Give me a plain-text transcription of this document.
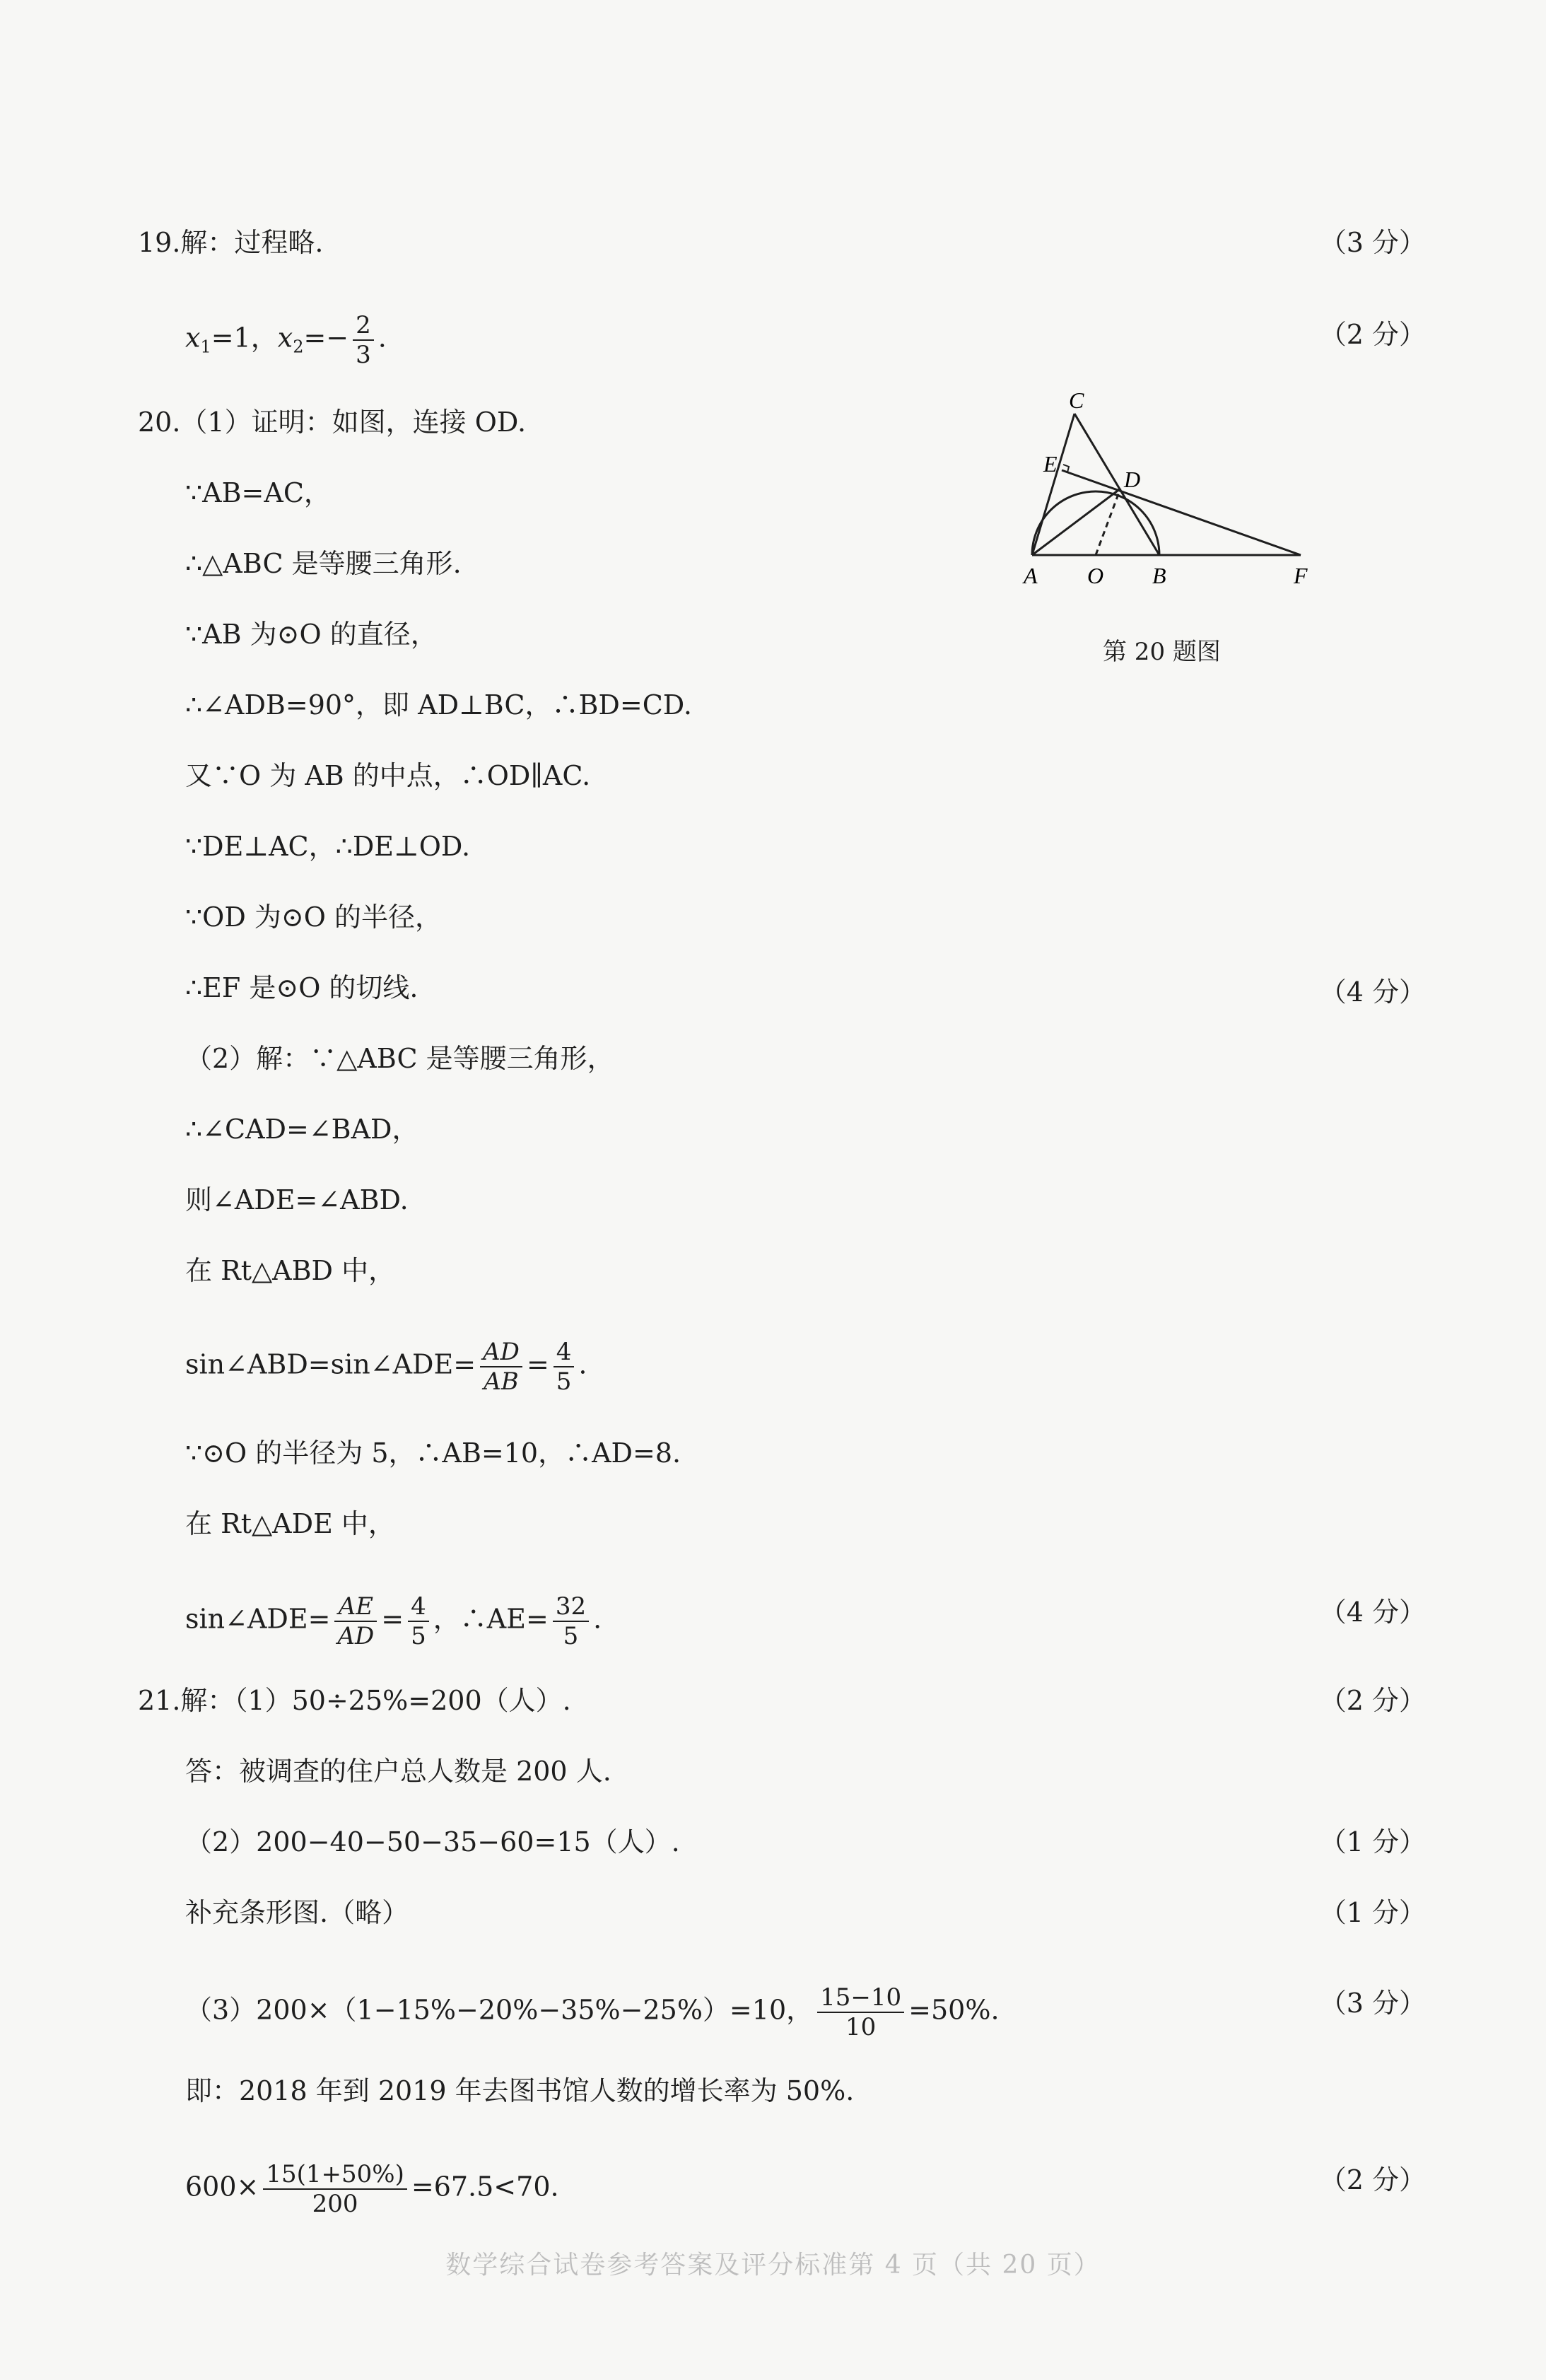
19.解：过程略.	（3 分）
$x_1=1$，$x_2=- \frac{2}{3}$ .	（2 分）
20.（1）证明：如图，连接 OD.
∵AB=AC，
∴△ABC 是等腰三角形.
∵AB 为⊙O 的直径，
∴∠ADB=90°，即 AD⊥BC，∴BD=CD.
又∵O 为 AB 的中点，∴OD∥AC.
∵DE⊥AC，∴DE⊥OD.
∵OD 为⊙O 的半径，
∴EF 是⊙O 的切线.	（4 分）
（2）解：∵△ABC 是等腰三角形，
∴∠CAD=∠BAD，
则∠ADE=∠ABD.
在 Rt△ABD 中，
sin∠ABD=sin∠ADE= $\frac{AD}{AB} = \frac{4}{5}$ .
∵⊙O 的半径为 5，∴AB=10，∴AD=8.
在 Rt△ADE 中，
sin∠ADE= $\frac{AE}{AD} = \frac{4}{5}$ ，∴AE= $\frac{32}{5}$ .	（4 分）
C
E
D
A O B	F
第 20 题图
21.解：（1）50÷25%=200（人）.	（2 分）
答：被调查的住户总人数是 200 人.
（2）200−40−50−35−60=15（人）.	（1 分）
补充条形图.（略）	（1 分）
（3）200×（1−15%−20%−35%−25%）=10， $\frac{15-10}{10} =50\%$.	（3 分）
即：2018 年到 2019 年去图书馆人数的增长率为 50%.
$600\times \frac{15(1+50\%)}{200} =67.5<70$.	（2 分）
数学综合试卷参考答案及评分标准第 4 页（共 20 页）
